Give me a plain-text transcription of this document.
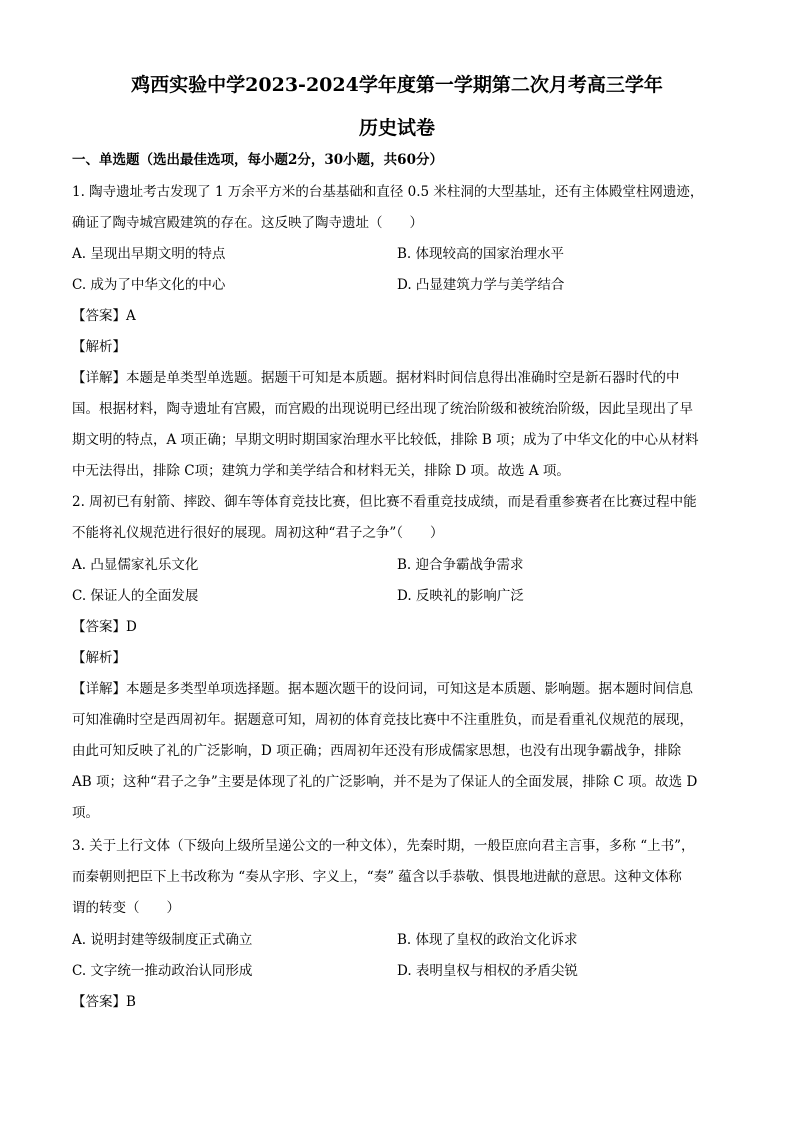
鸡西实验中学2023-2024学年度第一学期第二次月考高三学年
历史试卷
一、单选题（选出最佳选项，每小题2分，30小题，共60分）
1. 陶寺遗址考古发现了 1 万余平方米的台基基础和直径 0.5 米柱洞的大型基址，还有主体殿堂柱网遗迹，
确证了陶寺城宫殿建筑的存在。这反映了陶寺遗址（　　）
A. 呈现出早期文明的特点	B. 体现较高的国家治理水平
C. 成为了中华文化的中心	D. 凸显建筑力学与美学结合
【答案】A
【解析】
【详解】本题是单类型单选题。据题干可知是本质题。据材料时间信息得出准确时空是新石器时代的中
国。根据材料，陶寺遗址有宫殿，而宫殿的出现说明已经出现了统治阶级和被统治阶级，因此呈现出了早
期文明的特点，A 项正确；早期文明时期国家治理水平比较低，排除 B 项；成为了中华文化的中心从材料
中无法得出，排除 C项；建筑力学和美学结合和材料无关，排除 D 项。故选 A 项。
2. 周初已有射箭、摔跤、御车等体育竞技比赛，但比赛不看重竞技成绩，而是看重参赛者在比赛过程中能
不能将礼仪规范进行很好的展现。周初这种“君子之争”（　　）
A. 凸显儒家礼乐文化	B. 迎合争霸战争需求
C. 保证人的全面发展	D. 反映礼的影响广泛
【答案】D
【解析】
【详解】本题是多类型单项选择题。据本题次题干的设问词，可知这是本质题、影响题。据本题时间信息
可知准确时空是西周初年。据题意可知，周初的体育竞技比赛中不注重胜负，而是看重礼仪规范的展现，
由此可知反映了礼的广泛影响，D 项正确；西周初年还没有形成儒家思想，也没有出现争霸战争，排除
AB 项；这种“君子之争”主要是体现了礼的广泛影响，并不是为了保证人的全面发展，排除 C 项。故选 D
项。
3. 关于上行文体（下级向上级所呈递公文的一种文体），先秦时期，一般臣庶向君主言事，多称 “上书”，
而秦朝则把臣下上书改称为 “奏从字形、字义上，“奏” 蕴含以手恭敬、惧畏地进献的意思。这种文体称
谓的转变（　　）
A. 说明封建等级制度正式确立	B. 体现了皇权的政治文化诉求
C. 文字统一推动政治认同形成	D. 表明皇权与相权的矛盾尖锐
【答案】B
